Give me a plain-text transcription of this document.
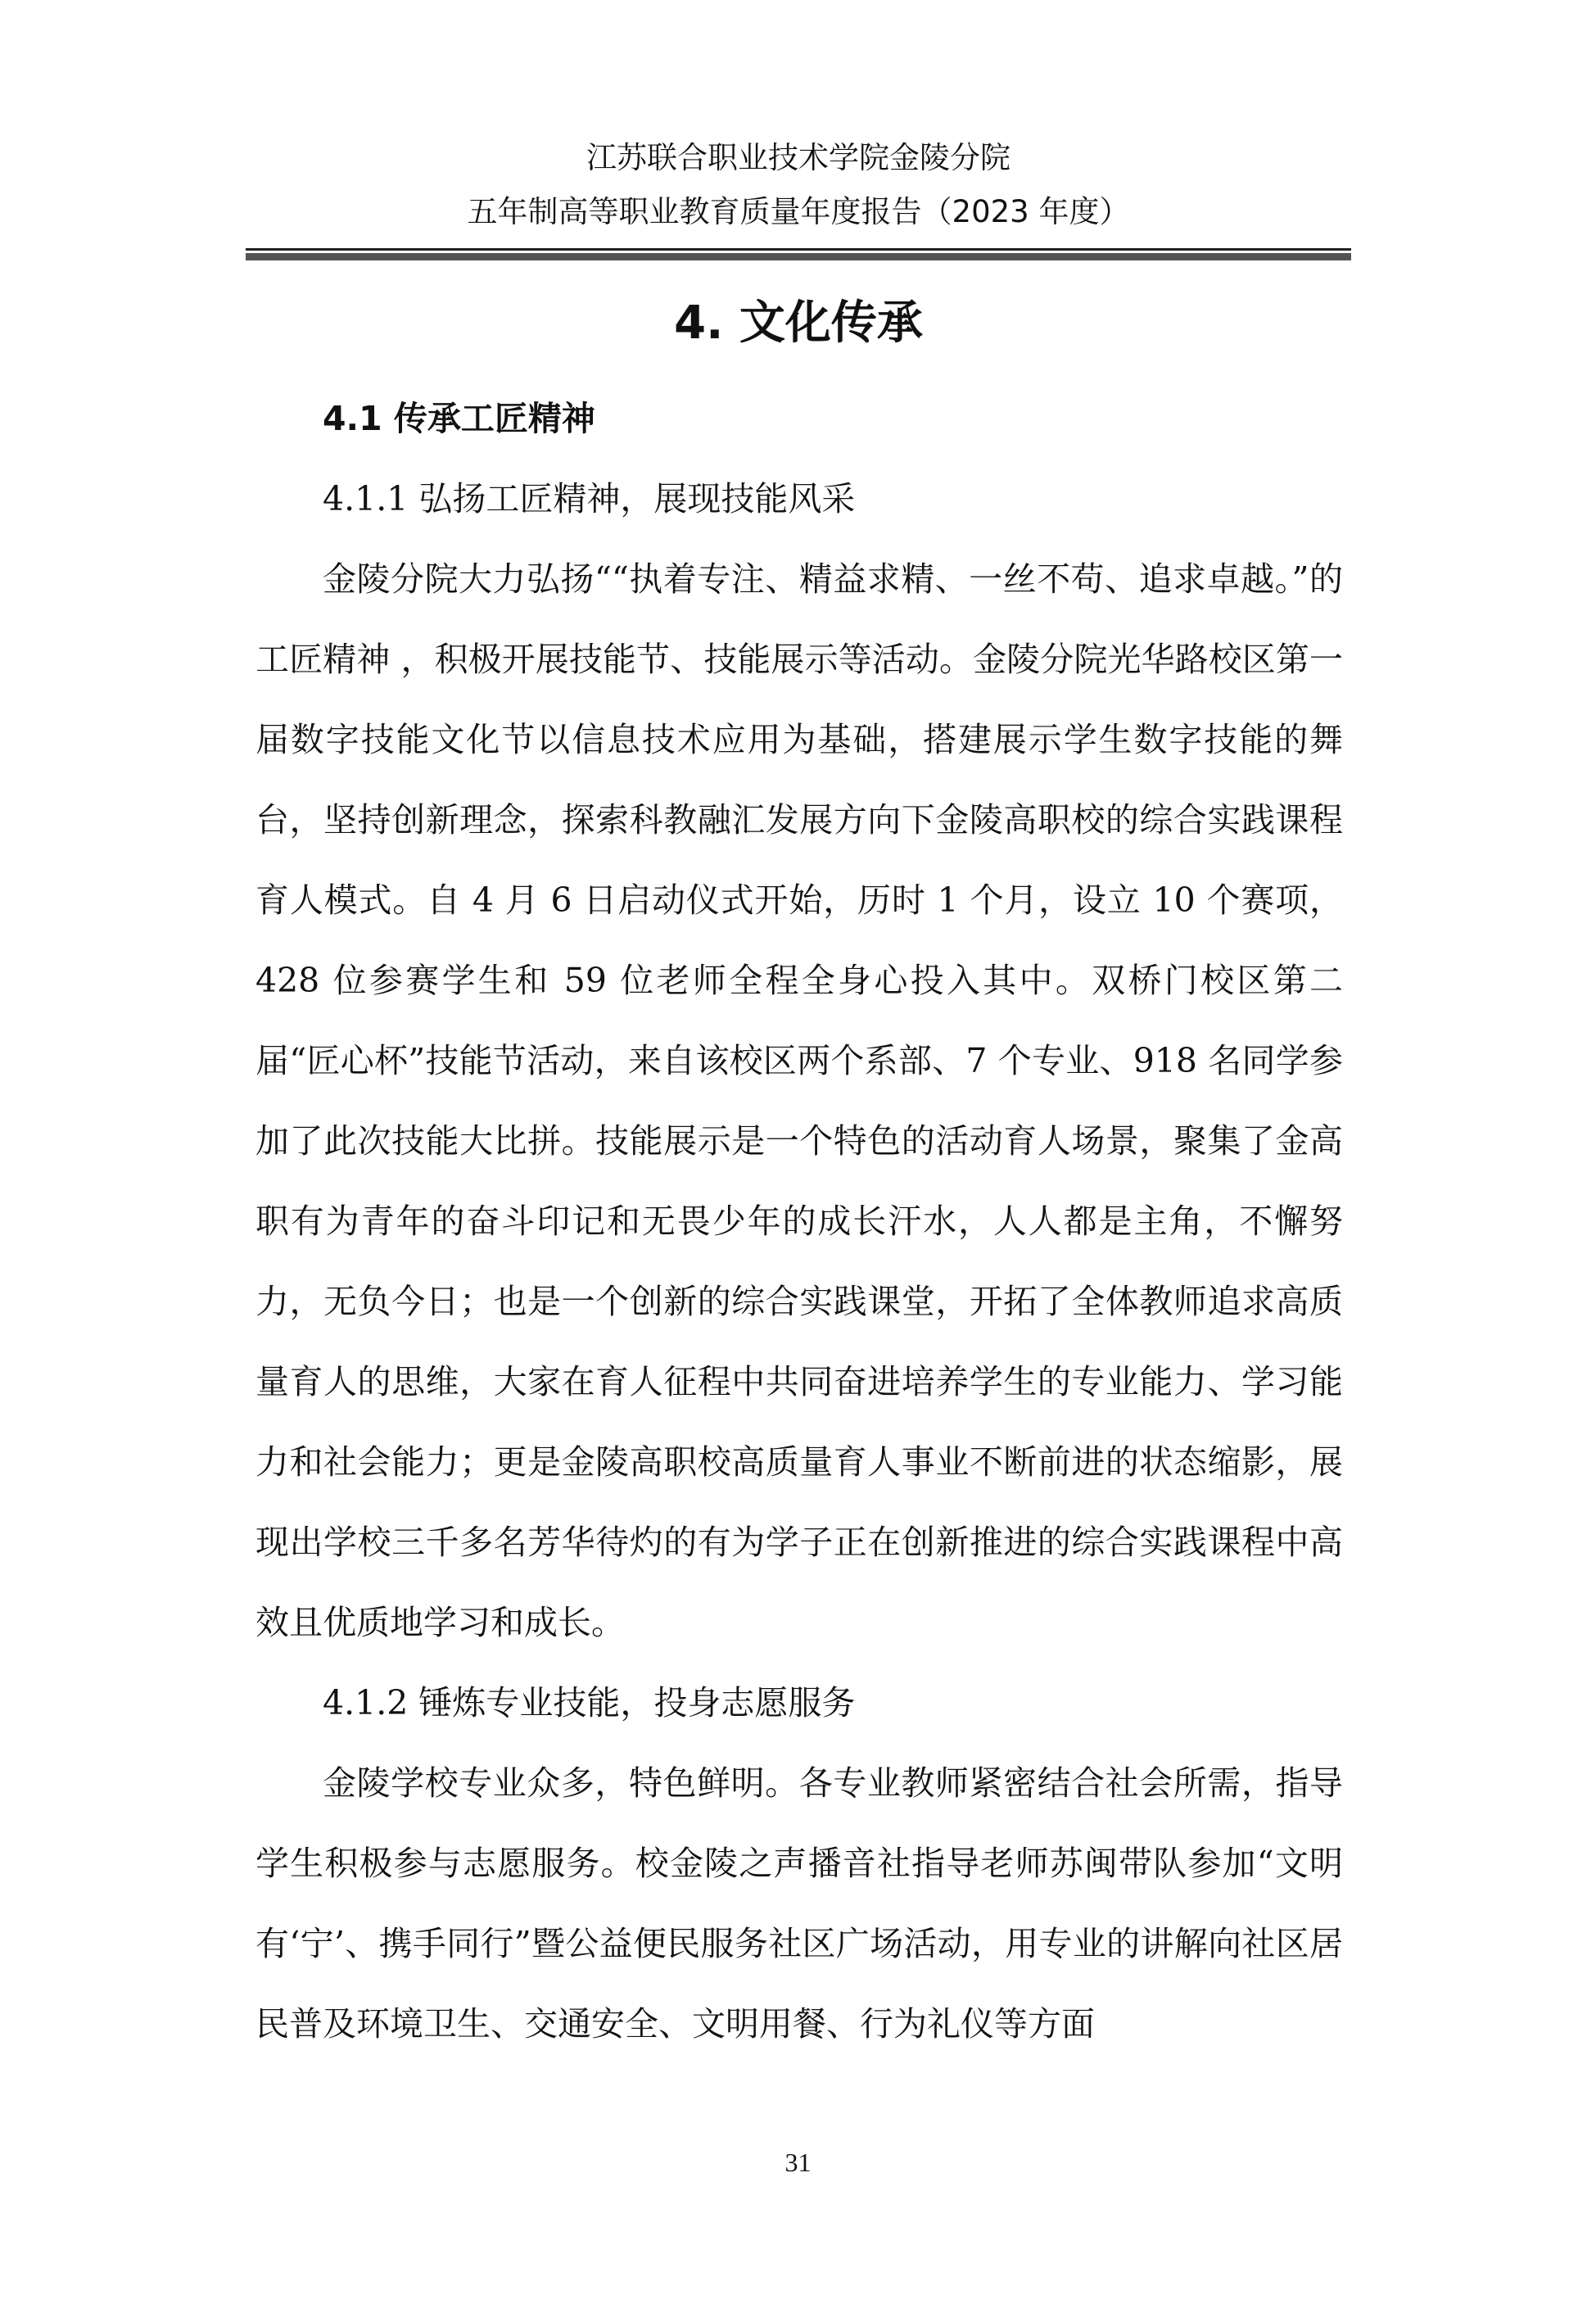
江苏联合职业技术学院金陵分院
五年制高等职业教育质量年度报告（2023 年度）
4. 文化传承

4.1 传承工匠精神

4.1.1 弘扬工匠精神，展现技能风采

金陵分院大力弘扬““执着专注、精益求精、一丝不苟、追求卓越。”的工匠精神 ，积极开展技能节、技能展示等活动。金陵分院光华路校区第一届数字技能文化节以信息技术应用为基础，搭建展示学生数字技能的舞台，坚持创新理念，探索科教融汇发展方向下金陵高职校的综合实践课程育人模式。自 4 月 6 日启动仪式开始，历时 1 个月，设立 10 个赛项， 428 位参赛学生和 59 位老师全程全身心投入其中。双桥门校区第二届“匠心杯”技能节活动，来自该校区两个系部、7 个专业、918 名同学参加了此次技能大比拼。技能展示是一个特色的活动育人场景，聚集了金高职有为青年的奋斗印记和无畏少年的成长汗水，人人都是主角，不懈努力，无负今日；也是一个创新的综合实践课堂，开拓了全体教师追求高质量育人的思维，大家在育人征程中共同奋进培养学生的专业能力、学习能力和社会能力；更是金陵高职校高质量育人事业不断前进的状态缩影，展现出学校三千多名芳华待灼的有为学子正在创新推进的综合实践课程中高效且优质地学习和成长。

4.1.2 锤炼专业技能，投身志愿服务

金陵学校专业众多，特色鲜明。各专业教师紧密结合社会所需，指导学生积极参与志愿服务。校金陵之声播音社指导老师苏闽带队参加“文明有‘宁’、携手同行”暨公益便民服务社区广场活动，用专业的讲解向社区居民普及环境卫生、交通安全、文明用餐、行为礼仪等方面

31
